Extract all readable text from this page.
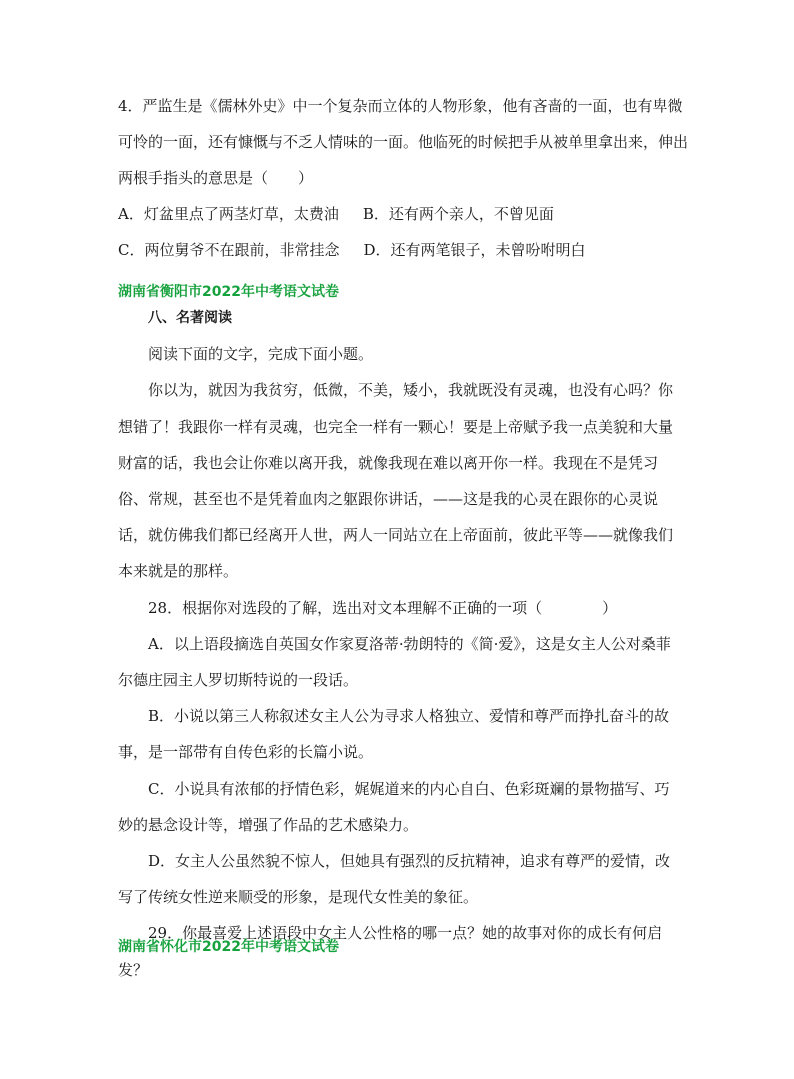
4．严监生是《儒林外史》中一个复杂而立体的人物形象，他有吝啬的一面，也有卑微可怜的一面，还有慷慨与不乏人情味的一面。他临死的时候把手从被单里拿出来，伸出两根手指头的意思是（　　）

A．灯盆里点了两茎灯草，太费油 B．还有两个亲人，不曾见面
C．两位舅爷不在跟前，非常挂念 D．还有两笔银子，未曾吩咐明白
湖南省衡阳市2022年中考语文试卷

八、名著阅读

阅读下面的文字，完成下面小题。

你以为，就因为我贫穷，低微，不美，矮小，我就既没有灵魂，也没有心吗？你想错了！我跟你一样有灵魂，也完全一样有一颗心！要是上帝赋予我一点美貌和大量财富的话，我也会让你难以离开我，就像我现在难以离开你一样。我现在不是凭习俗、常规，甚至也不是凭着血肉之躯跟你讲话，——这是我的心灵在跟你的心灵说话，就仿佛我们都已经离开人世，两人一同站立在上帝面前，彼此平等——就像我们本来就是的那样。

28．根据你对选段的了解，选出对文本理解不正确的一项（　　　　）

A．以上语段摘选自英国女作家夏洛蒂·勃朗特的《简·爱》，这是女主人公对桑菲尔德庄园主人罗切斯特说的一段话。

B．小说以第三人称叙述女主人公为寻求人格独立、爱情和尊严而挣扎奋斗的故事，是一部带有自传色彩的长篇小说。

C．小说具有浓郁的抒情色彩，娓娓道来的内心自白、色彩斑斓的景物描写、巧妙的悬念设计等，增强了作品的艺术感染力。

D．女主人公虽然貌不惊人，但她具有强烈的反抗精神，追求有尊严的爱情，改写了传统女性逆来顺受的形象，是现代女性美的象征。

29．你最喜爱上述语段中女主人公性格的哪一点？她的故事对你的成长有何启发？

湖南省怀化市2022年中考语文试卷
